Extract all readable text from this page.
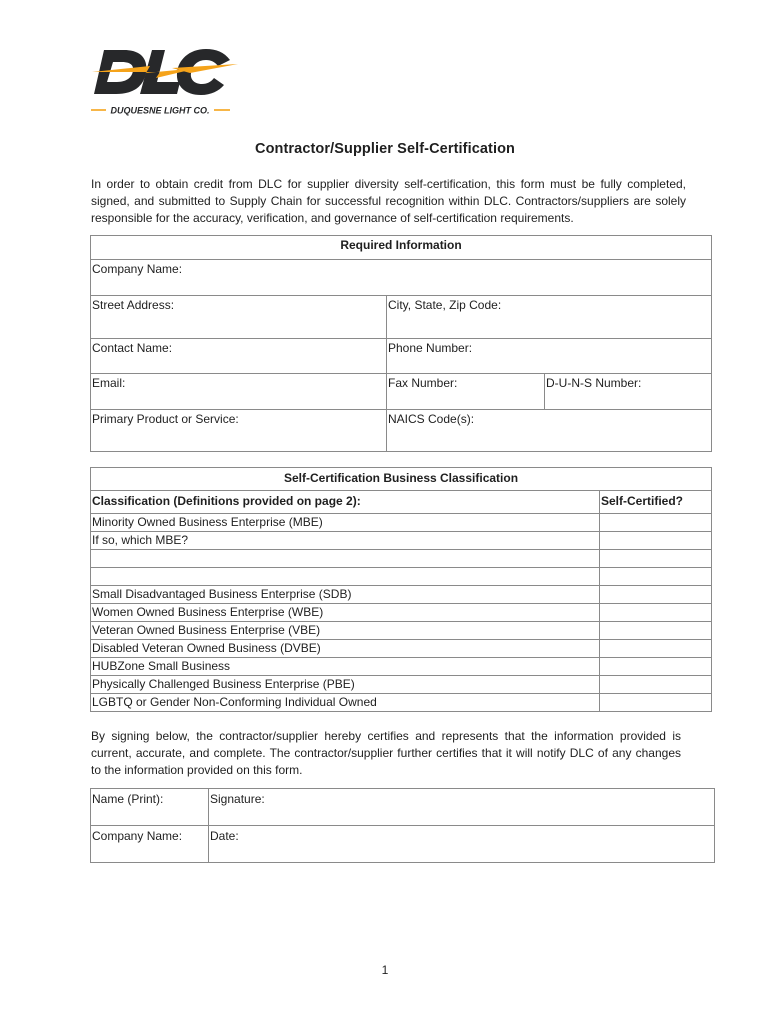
DUQUESNE LIGHT CO.
Contractor/Supplier Self-Certification
In order to obtain credit from DLC for supplier diversity self-certification, this form must be fully completed, signed, and submitted to Supply Chain for successful recognition within DLC. Contractors/suppliers are solely responsible for the accuracy, verification, and governance of self-certification requirements.
Required Information		
Company Name:		
Street Address:	City, State, Zip Code:	
Contact Name:	Phone Number:	
Email:	Fax Number:	D-U-N-S Number:
Primary Product or Service:	NAICS Code(s):	
Self-Certification Business Classification	
Classification (Definitions provided on page 2):	Self-Certified?
Minority Owned Business Enterprise (MBE)	
If so, which MBE?	

Small Disadvantaged Business Enterprise (SDB)	
Women Owned Business Enterprise (WBE)	
Veteran Owned Business Enterprise (VBE)	
Disabled Veteran Owned Business (DVBE)	
HUBZone Small Business	
Physically Challenged Business Enterprise (PBE)	
LGBTQ or Gender Non-Conforming Individual Owned	
By signing below, the contractor/supplier hereby certifies and represents that the information provided is current, accurate, and complete. The contractor/supplier further certifies that it will notify DLC of any changes to the information provided on this form.
Name (Print):	Signature:
Company Name:	Date:
1
